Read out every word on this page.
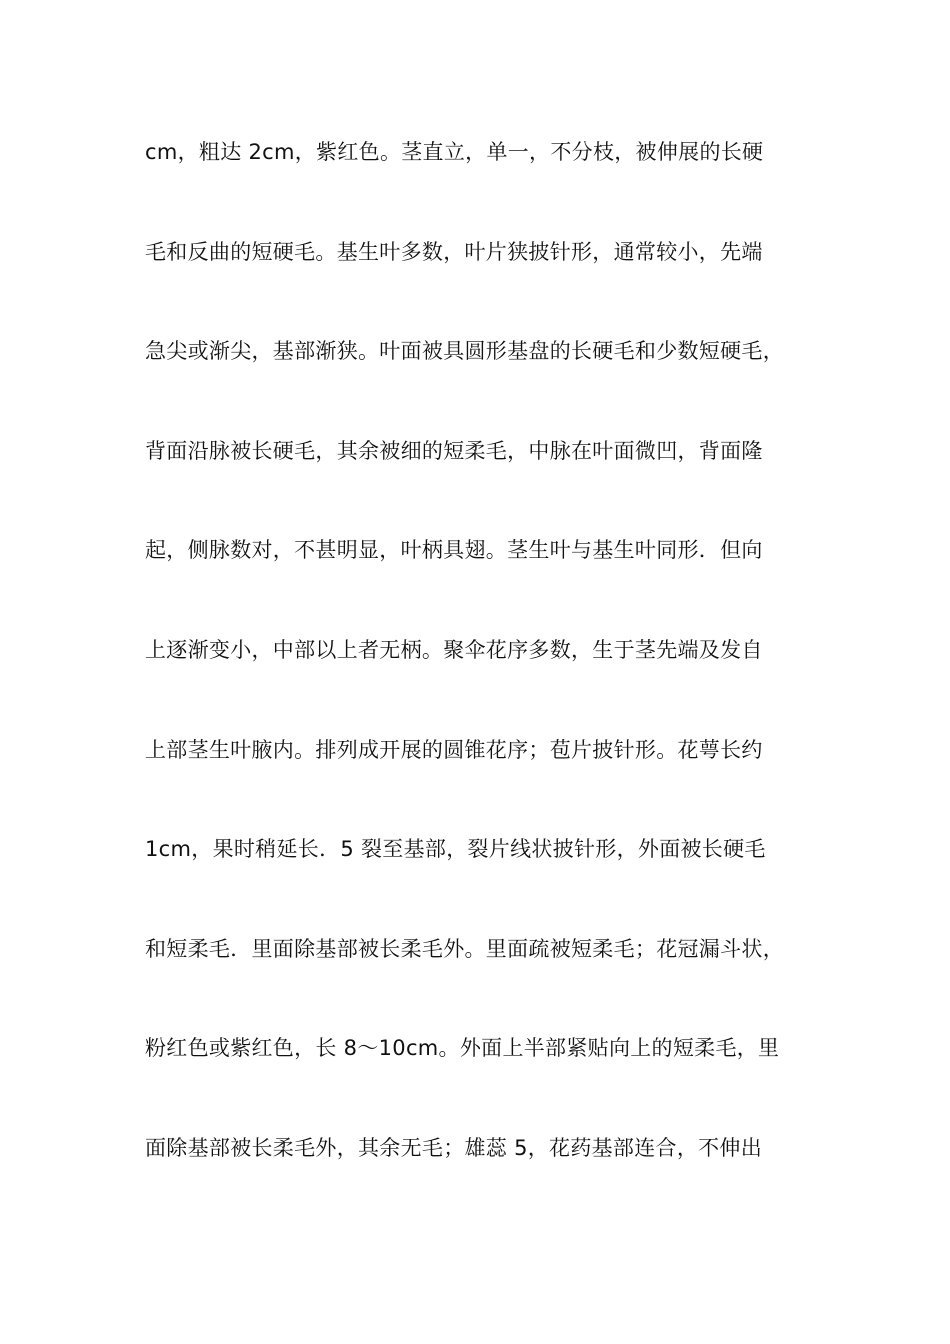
cm，粗达 2cm，紫红色。茎直立，单一，不分枝，被伸展的长硬
毛和反曲的短硬毛。基生叶多数，叶片狭披针形，通常较小，先端
急尖或渐尖，基部渐狭。叶面被具圆形基盘的长硬毛和少数短硬毛，
背面沿脉被长硬毛，其余被细的短柔毛，中脉在叶面微凹，背面隆
起，侧脉数对，不甚明显，叶柄具翅。茎生叶与基生叶同形．但向
上逐渐变小，中部以上者无柄。聚伞花序多数，生于茎先端及发自
上部茎生叶腋内。排列成开展的圆锥花序；苞片披针形。花萼长约
1cm，果时稍延长．5 裂至基部，裂片线状披针形，外面被长硬毛
和短柔毛．里面除基部被长柔毛外。里面疏被短柔毛；花冠漏斗状，
粉红色或紫红色，长 8～10cm。外面上半部紧贴向上的短柔毛，里
面除基部被长柔毛外，其余无毛；雄蕊 5，花药基部连合，不伸出
